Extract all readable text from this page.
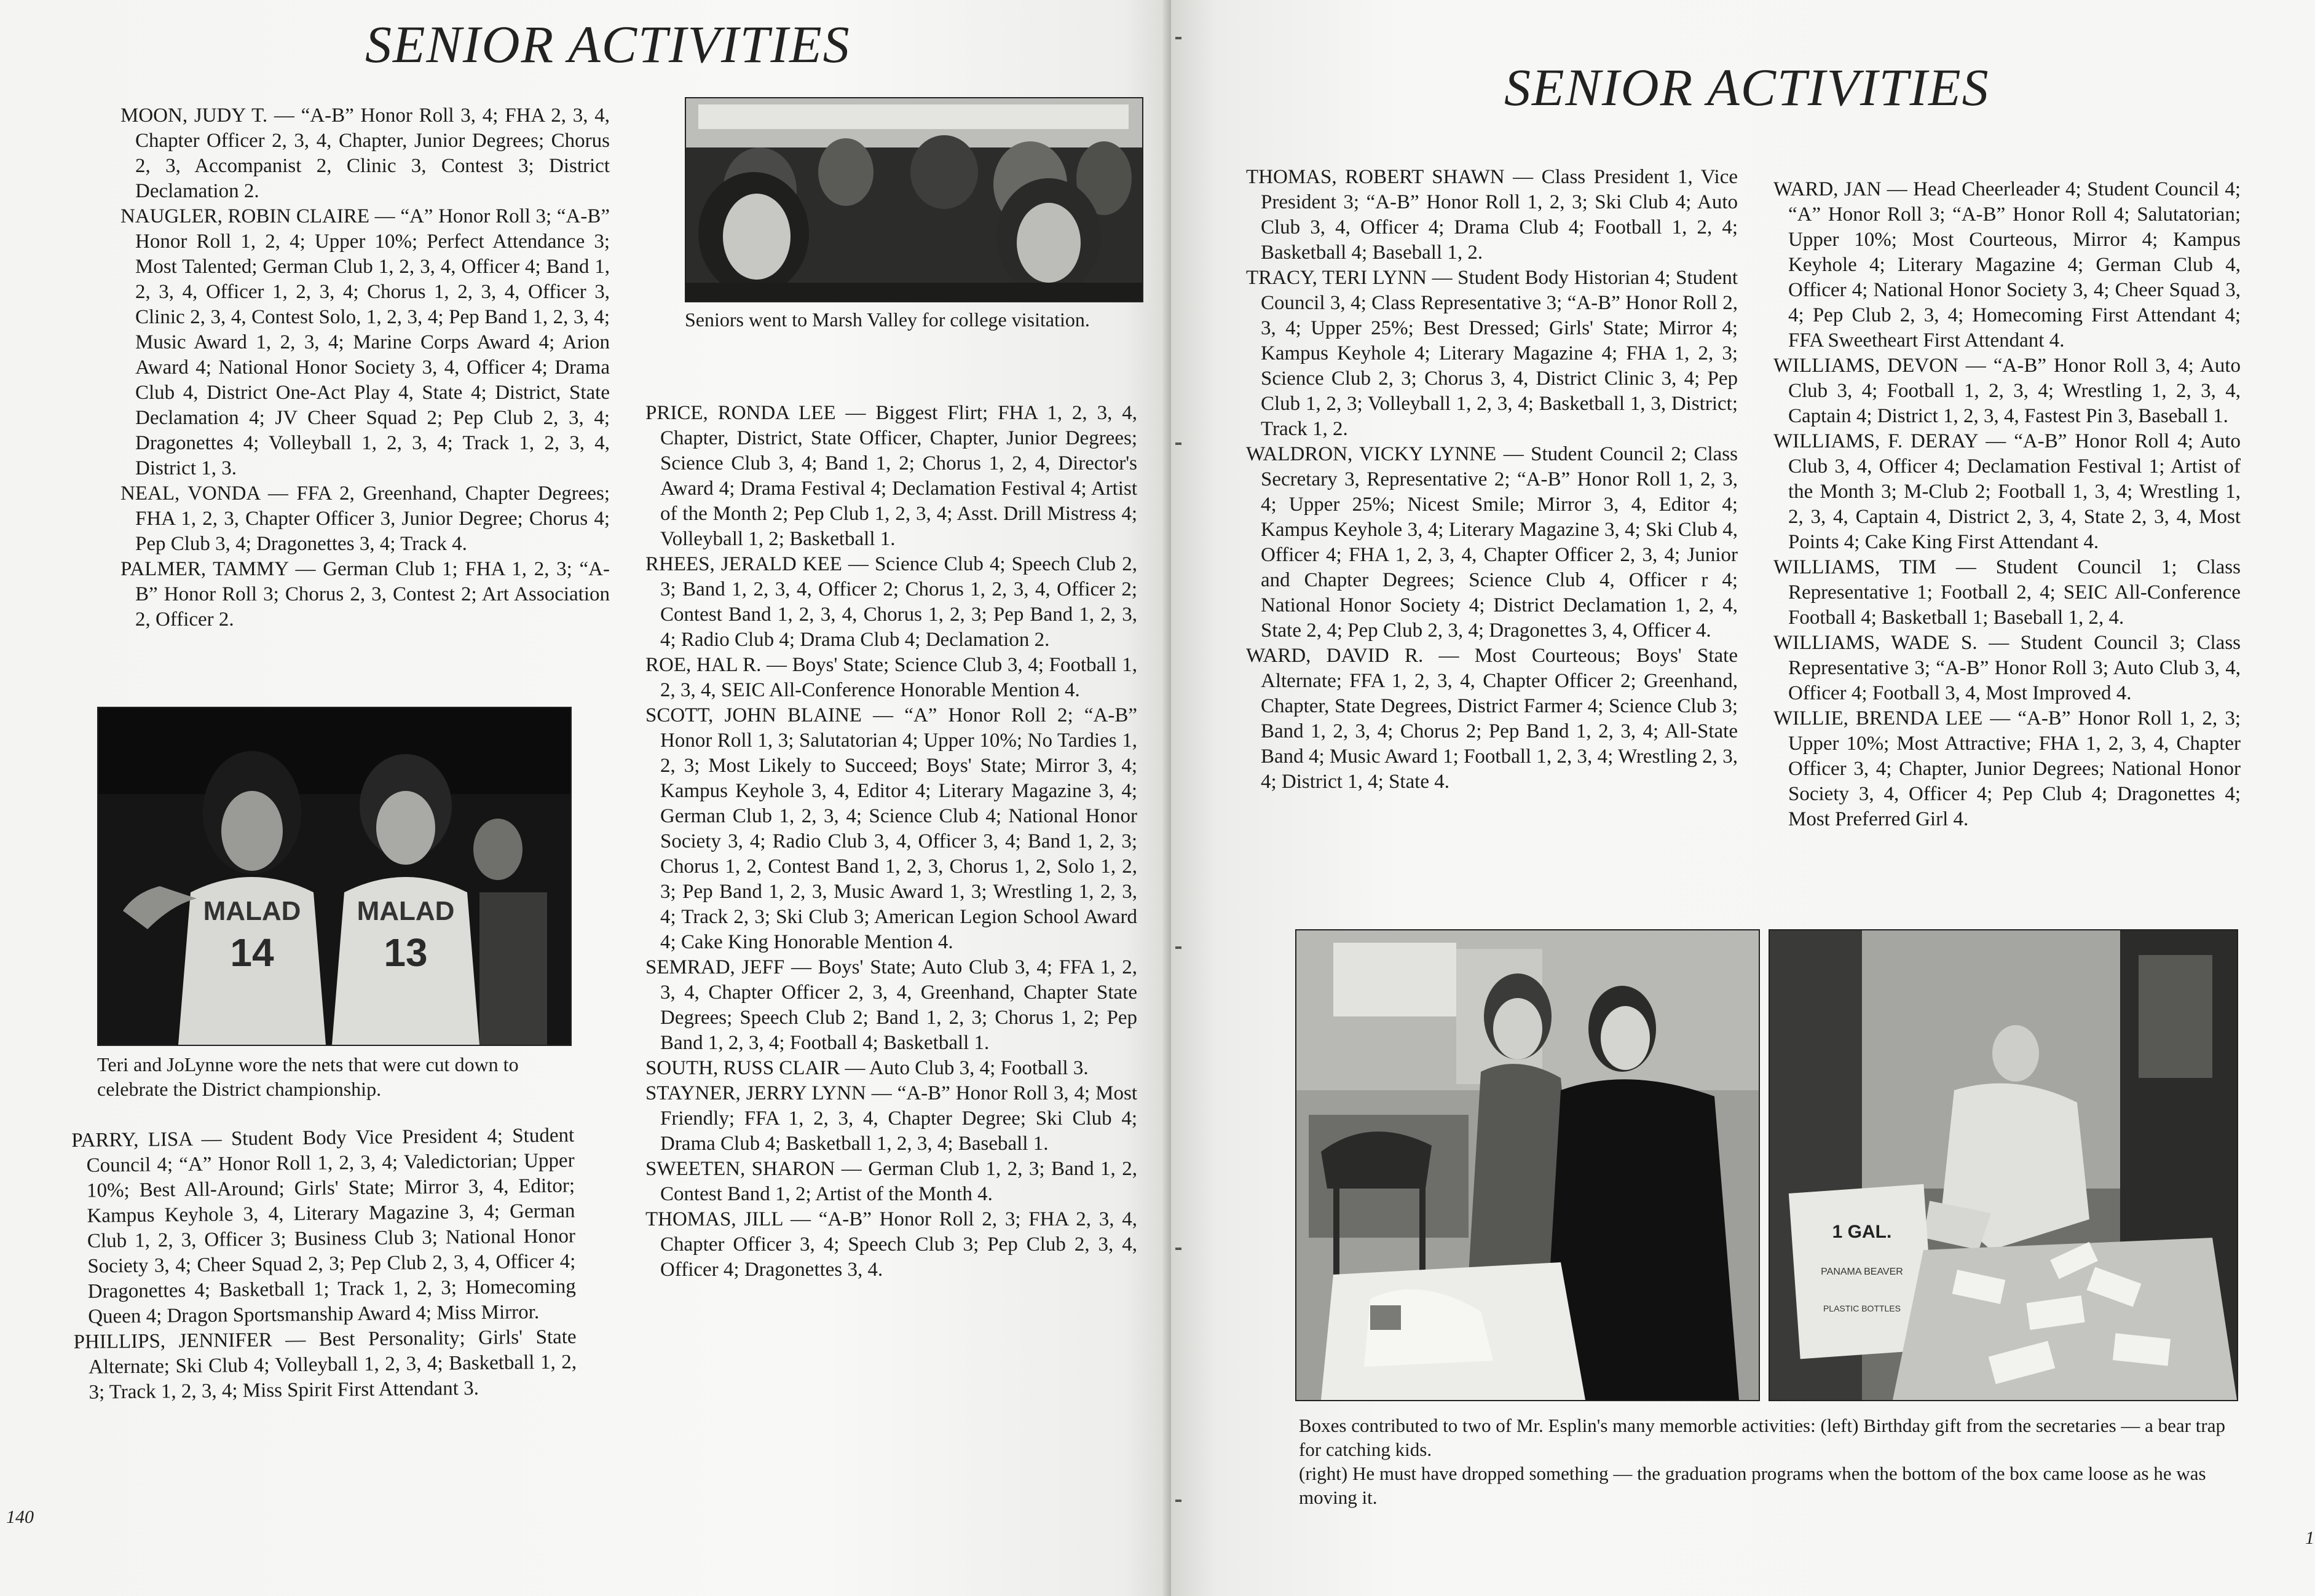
SENIOR ACTIVITIES

MOON, JUDY T. — “A-B” Honor Roll 3, 4; FHA 2, 3, 4, Chapter Officer 2, 3, 4, Chapter, Junior Degrees; Chorus 2, 3, Accompanist 2, Clinic 3, Contest 3; District Declamation 2.

NAUGLER, ROBIN CLAIRE — “A” Honor Roll 3; “A-B” Honor Roll 1, 2, 4; Upper 10%; Perfect Attendance 3; Most Talented; German Club 1, 2, 3, 4, Officer 4; Band 1, 2, 3, 4, Officer 1, 2, 3, 4; Chorus 1, 2, 3, 4, Officer 3, Clinic 2, 3, 4, Contest Solo, 1, 2, 3, 4; Pep Band 1, 2, 3, 4; Music Award 1, 2, 3, 4; Marine Corps Award 4; Arion Award 4; National Honor Society 3, 4, Officer 4; Drama Club 4, District One-Act Play 4, State 4; District, State Declamation 4; JV Cheer Squad 2; Pep Club 2, 3, 4; Dragonettes 4; Volleyball 1, 2, 3, 4; Track 1, 2, 3, 4, District 1, 3.

NEAL, VONDA — FFA 2, Greenhand, Chapter Degrees; FHA 1, 2, 3, Chapter Officer 3, Junior Degree; Chorus 4; Pep Club 3, 4; Dragonettes 3, 4; Track 4.

PALMER, TAMMY — German Club 1; FHA 1, 2, 3; “A-B” Honor Roll 3; Chorus 2, 3, Contest 2; Art Association 2, Officer 2.

MALAD
14
MALAD
13
Teri and JoLynne wore the nets that were cut down to celebrate the District championship.

PARRY, LISA — Student Body Vice President 4; Student Council 4; “A” Honor Roll 1, 2, 3, 4; Valedictorian; Upper 10%; Best All-Around; Girls' State; Mirror 3, 4, Editor; Kampus Keyhole 3, 4, Literary Magazine 3, 4; German Club 1, 2, 3, Officer 3; Business Club 3; National Honor Society 3, 4; Cheer Squad 2, 3; Pep Club 2, 3, 4, Officer 4; Dragonettes 4; Basketball 1; Track 1, 2, 3; Homecoming Queen 4; Dragon Sportsmanship Award 4; Miss Mirror.

PHILLIPS, JENNIFER — Best Personality; Girls' State Alternate; Ski Club 4; Volleyball 1, 2, 3, 4; Basketball 1, 2, 3; Track 1, 2, 3, 4; Miss Spirit First Attendant 3.

Seniors went to Marsh Valley for college visitation.

PRICE, RONDA LEE — Biggest Flirt; FHA 1, 2, 3, 4, Chapter, District, State Officer, Chapter, Junior Degrees; Science Club 3, 4; Band 1, 2; Chorus 1, 2, 4, Director's Award 4; Drama Festival 4; Declamation Festival 4; Artist of the Month 2; Pep Club 1, 2, 3, 4; Asst. Drill Mistress 4; Volleyball 1, 2; Basketball 1.

RHEES, JERALD KEE — Science Club 4; Speech Club 2, 3; Band 1, 2, 3, 4, Officer 2; Chorus 1, 2, 3, 4, Officer 2; Contest Band 1, 2, 3, 4, Chorus 1, 2, 3; Pep Band 1, 2, 3, 4; Radio Club 4; Drama Club 4; Declamation 2.

ROE, HAL R. — Boys' State; Science Club 3, 4; Football 1, 2, 3, 4, SEIC All-Conference Honorable Mention 4.

SCOTT, JOHN BLAINE — “A” Honor Roll 2; “A-B” Honor Roll 1, 3; Salutatorian 4; Upper 10%; No Tardies 1, 2, 3; Most Likely to Succeed; Boys' State; Mirror 3, 4; Kampus Keyhole 3, 4, Editor 4; Literary Magazine 3, 4; German Club 1, 2, 3, 4; Science Club 4; National Honor Society 3, 4; Radio Club 3, 4, Officer 3, 4; Band 1, 2, 3; Chorus 1, 2, Contest Band 1, 2, 3, Chorus 1, 2, Solo 1, 2, 3; Pep Band 1, 2, 3, Music Award 1, 3; Wrestling 1, 2, 3, 4; Track 2, 3; Ski Club 3; American Legion School Award 4; Cake King Honorable Mention 4.

SEMRAD, JEFF — Boys' State; Auto Club 3, 4; FFA 1, 2, 3, 4, Chapter Officer 2, 3, 4, Greenhand, Chapter State Degrees; Speech Club 2; Band 1, 2, 3; Chorus 1, 2; Pep Band 1, 2, 3, 4; Football 4; Basketball 1.

SOUTH, RUSS CLAIR — Auto Club 3, 4; Football 3.

STAYNER, JERRY LYNN — “A-B” Honor Roll 3, 4; Most Friendly; FFA 1, 2, 3, 4, Chapter Degree; Ski Club 4; Drama Club 4; Basketball 1, 2, 3, 4; Baseball 1.

SWEETEN, SHARON — German Club 1, 2, 3; Band 1, 2, Contest Band 1, 2; Artist of the Month 4.

THOMAS, JILL — “A-B” Honor Roll 2, 3; FHA 2, 3, 4, Chapter Officer 3, 4; Speech Club 3; Pep Club 2, 3, 4, Officer 4; Dragonettes 3, 4.

140
SENIOR ACTIVITIES

THOMAS, ROBERT SHAWN — Class President 1, Vice President 3; “A-B” Honor Roll 1, 2, 3; Ski Club 4; Auto Club 3, 4, Officer 4; Drama Club 4; Football 1, 2, 4; Basketball 4; Baseball 1, 2.

TRACY, TERI LYNN — Student Body Historian 4; Student Council 3, 4; Class Representative 3; “A-B” Honor Roll 2, 3, 4; Upper 25%; Best Dressed; Girls' State; Mirror 4; Kampus Keyhole 4; Literary Magazine 4; FHA 1, 2, 3; Science Club 2, 3; Chorus 3, 4, District Clinic 3, 4; Pep Club 1, 2, 3; Volleyball 1, 2, 3, 4; Basketball 1, 3, District; Track 1, 2.

WALDRON, VICKY LYNNE — Student Council 2; Class Secretary 3, Representative 2; “A-B” Honor Roll 1, 2, 3, 4; Upper 25%; Nicest Smile; Mirror 3, 4, Editor 4; Kampus Keyhole 3, 4; Literary Magazine 3, 4; Ski Club 4, Officer 4; FHA 1, 2, 3, 4, Chapter Officer 2, 3, 4; Junior and Chapter Degrees; Science Club 4, Officer r 4; National Honor Society 4; District Declamation 1, 2, 4, State 2, 4; Pep Club 2, 3, 4; Dragonettes 3, 4, Officer 4.

WARD, DAVID R. — Most Courteous; Boys' State Alternate; FFA 1, 2, 3, 4, Chapter Officer 2; Greenhand, Chapter, State Degrees, District Farmer 4; Science Club 3; Band 1, 2, 3, 4; Chorus 2; Pep Band 1, 2, 3, 4; All-State Band 4; Music Award 1; Football 1, 2, 3, 4; Wrestling 2, 3, 4; District 1, 4; State 4.

WARD, JAN — Head Cheerleader 4; Student Council 4; “A” Honor Roll 3; “A-B” Honor Roll 4; Salutatorian; Upper 10%; Most Courteous, Mirror 4; Kampus Keyhole 4; Literary Magazine 4; German Club 4, Officer 4; National Honor Society 3, 4; Cheer Squad 3, 4; Pep Club 2, 3, 4; Homecoming First Attendant 4; FFA Sweetheart First Attendant 4.

WILLIAMS, DEVON — “A-B” Honor Roll 3, 4; Auto Club 3, 4; Football 1, 2, 3, 4; Wrestling 1, 2, 3, 4, Captain 4; District 1, 2, 3, 4, Fastest Pin 3, Baseball 1.

WILLIAMS, F. DERAY — “A-B” Honor Roll 4; Auto Club 3, 4, Officer 4; Declamation Festival 1; Artist of the Month 3; M-Club 2; Football 1, 3, 4; Wrestling 1, 2, 3, 4, Captain 4, District 2, 3, 4, State 2, 3, 4, Most Points 4; Cake King First Attendant 4.

WILLIAMS, TIM — Student Council 1; Class Representative 1; Football 2, 4; SEIC All-Conference Football 4; Basketball 1; Baseball 1, 2, 4.

WILLIAMS, WADE S. — Student Council 3; Class Representative 3; “A-B” Honor Roll 3; Auto Club 3, 4, Officer 4; Football 3, 4, Most Improved 4.

WILLIE, BRENDA LEE — “A-B” Honor Roll 1, 2, 3; Upper 10%; Most Attractive; FHA 1, 2, 3, 4, Chapter Officer 3, 4; Chapter, Junior Degrees; National Honor Society 3, 4, Officer 4; Pep Club 4; Dragonettes 4; Most Preferred Girl 4.

1 GAL.
PANAMA BEAVER
PLASTIC BOTTLES

Boxes contributed to two of Mr. Esplin's many memorble activities: (left) Birthday gift from the secretaries — a bear trap for catching kids.

(right) He must have dropped something — the graduation programs when the bottom of the box came loose as he was moving it.

1
